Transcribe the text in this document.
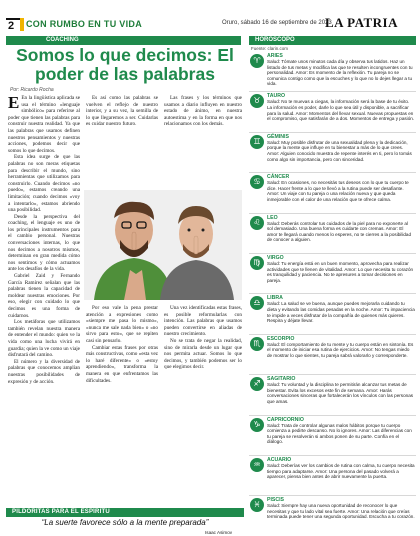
2	CON RUMBO EN TU VIDA	Oruro, sábado 16 de septiembre de 2023
LA PATRIA
COACHING
Somos lo que decimos: El poder de las palabras
Por: Ricardo Rocha

E En la lingüística aplicada se usa el término «lenguaje simbólico» para referirse al poder que tienen las palabras para construir nuestra realidad. Ya que las palabras que usamos definen nuestros pensamientos y nuestras acciones, podemos decir que somos lo que decimos.

Esta idea surge de que las palabras no son meras etiquetas para describir el mundo, sino herramientas que utilizamos para construirlo. Cuando decimos «no puedo», estamos creando una limitación; cuando decimos «voy a intentarlo», estamos abriendo una posibilidad.

Desde la perspectiva del coaching, el lenguaje es uno de los principales instrumentos para el cambio personal. Nuestras conversaciones internas, lo que nos decimos a nosotros mismos, determinan en gran medida cómo nos sentimos y cómo actuamos ante los desafíos de la vida.

Gabriel Zaid y Fernando García Ramírez señalan que las palabras tienen la capacidad de moldear nuestras emociones. Por eso, elegir con cuidado lo que decimos es una forma de cuidarnos.

Los metáforas que utilizamos también revelan nuestra manera de entender el mundo: quien ve la vida como una lucha vivirá en guardia; quien la ve como un viaje disfrutará del camino.

El número y la diversidad de palabras que conocemos amplían nuestras posibilidades de expresión y de acción.

Es así como las palabras se vuelven el reflejo de nuestro interior, y a su vez, la semilla de lo que llegaremos a ser. Cuidarlas es cuidar nuestro futuro.

Las frases y los términos que usamos a diario influyen en nuestro estado de ánimo, en nuestra autoestima y en la forma en que nos relacionamos con los demás.

Por eso vale la pena prestar atención a expresiones como «siempre me pasa lo mismo», «nunca me sale nada bien» o «no sirvo para esto», que se repiten casi sin pensarlo.

Cambiar estas frases por otras más constructivas, como «esta vez lo haré diferente» o «estoy aprendiendo», transforma la manera en que enfrentamos las dificultades.

Una vez identificadas estas frases, es posible reformularlas con intención. Las palabras que usamos pueden convertirse en aliadas de nuestro crecimiento.

No se trata de negar la realidad, sino de mirarla desde un lugar que nos permita actuar. Somos lo que decimos, y también podemos ser lo que elegimos decir.

PILDORITAS PARA EL ESPÍRITU
“La suerte favorece sólo a la mente preparada”
Isaac Asimov
HORÓSCOPO
Fuente: clarin.com
♈	ARIES
Salud: Tómate unos minutos cada día y observa tus latidos. Haz un listado de tus metas y modifica las que te resulten incongruentes con tu personalidad. Amor: Es momento de la reflexión. Tu pareja no se comunica contigo como que la escuches y lo que no lo dejes llegar a tu vida.
♉	TAURO
Salud: No te muevas a ciegas, la información será la base de tu éxito. La información es poder, darle lo que sea útil y disponible, a sacrificar para la salud. Amor: Momentos del llevar sexual. Nuevas propuestas en el compromiso, que satisfarán de a dos. Momentos de entrega y pasión.
♊	GÉMINIS
Salud: Muy posible disfrutar de una sexualidad plena y la dedicación, porque la mente que influye en tu bienestar a más de lo que crees. Amor: Alguien conocido muestra de repente interés en ti, pero lo tomás como algo sin importancia, pero con sinceridad.
♋	CÁNCER
Salud: En ocasiones, no necesitás tus deseos con lo que tu cuerpo te dice. Hacer frente a lo que te llevó a la rutina puede ser desafiante. Amor: Un viaje con tu pareja o una relación nueva y que queda inmejorable con el calor de una relación que te ofrece calma.
♌	LEO
Salud: Deberás controlar tus cuidados de la piel para no exponerte al sol demasiado. Una buena forma es cuidarte con cremas. Amor: El amor te llegará cuando menos lo esperes, no te cierres a la posibilidad de conocer a alguien.
♍	VIRGO
Salud: Tu energía está en un buen momento, aprovecha para realizar actividades que te llenen de vitalidad. Amor: Lo que necesita tu corazón es tranquilidad y paciencia. No te apresures a tomar decisiones en pareja.
♎	LIBRA
Salud: La salud se ve buena, aunque puedes mejorarla cuidando tu dieta y evitando las comidas pesadas en la noche. Amor: Tu impaciencia te impide a veces disfrutar de la compañía de quienes más quieres. Respira y déjate llevar.
♏	ESCORPIO
Salud: El comportamiento de tu mente y tu cuerpo están en sintonía. Es el momento de iniciar esa rutina de ejercicios. Amor: No tengas miedo de mostrar lo que sientes, tu pareja sabrá valorarlo y corresponderte.
♐	SAGITARIO
Salud: Tu voluntad y la disciplina te permitirán alcanzar tus metas de bienestar. Evita los excesos este fin de semana. Amor: Harás conversaciones sinceras que fortalecerán los vínculos con las personas que amas.
♑	CAPRICORNIO
Salud: Trata de controlar algunas malos hábitos porque tu cuerpo comienza a pedirte descanso. No lo ignores. Amor: Las diferencias con tu pareja se resolverán si ambos ponen de su parte. Confía en el diálogo.
♒	ACUARIO
Salud: Deberías ver los cambios de rutina con calma, tu cuerpo necesita tiempo para adaptarse. Amor: Una persona del pasado volverá a aparecer, piensa bien antes de abrir nuevamente la puerta.
♓	PISCIS
Salud: Siempre hay una nueva oportunidad de reconocer lo que necesitas y que tu lado vital sea fuerte. Amor: Una relación que creías terminada puede tener una segunda oportunidad. Escucha a tu corazón.
